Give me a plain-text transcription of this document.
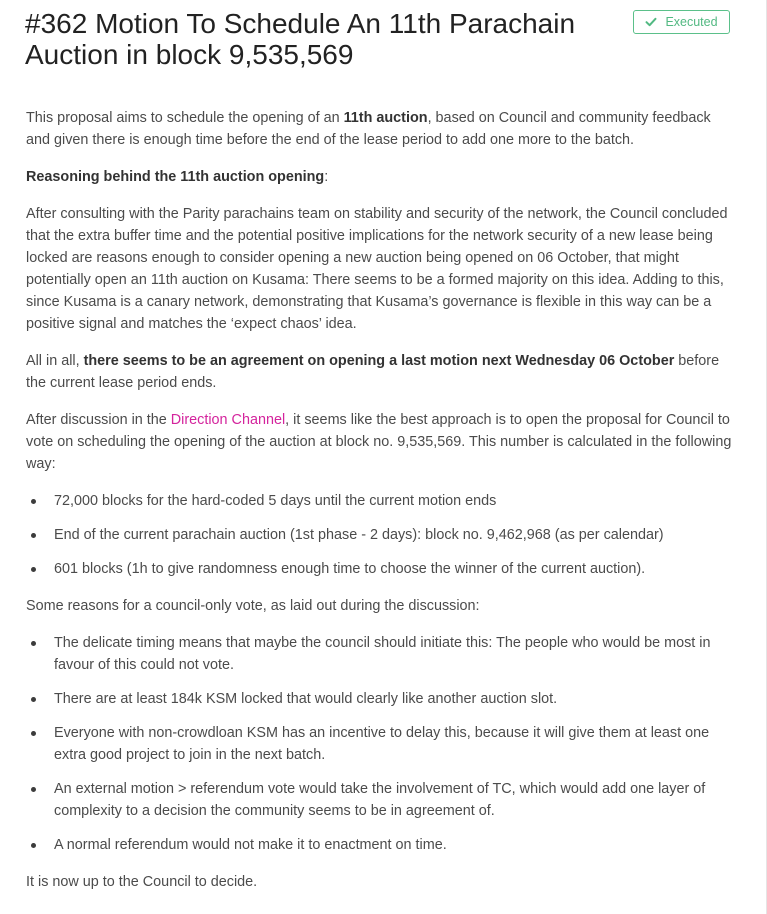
#362 Motion To Schedule An 11th Parachain Auction in block 9,535,569
Executed

This proposal aims to schedule the opening of an 11th auction, based on Council and community feedback and given there is enough time before the end of the lease period to add one more to the batch.

Reasoning behind the 11th auction opening:

After consulting with the Parity parachains team on stability and security of the network, the Council concluded that the extra buffer time and the potential positive implications for the network security of a new lease being locked are reasons enough to consider opening a new auction being opened on 06 October, that might potentially open an 11th auction on Kusama: There seems to be a formed majority on this idea. Adding to this, since Kusama is a canary network, demonstrating that Kusama’s governance is flexible in this way can be a positive signal and matches the ‘expect chaos’ idea.

All in all, there seems to be an agreement on opening a last motion next Wednesday 06 October before the current lease period ends.

After discussion in the Direction Channel, it seems like the best approach is to open the proposal for Council to vote on scheduling the opening of the auction at block no. 9,535,569. This number is calculated in the following way:

72,000 blocks for the hard-coded 5 days until the current motion ends
End of the current parachain auction (1st phase - 2 days): block no. 9,462,968 (as per calendar)
601 blocks (1h to give randomness enough time to choose the winner of the current auction).

Some reasons for a council-only vote, as laid out during the discussion:

The delicate timing means that maybe the council should initiate this: The people who would be most in favour of this could not vote.
There are at least 184k KSM locked that would clearly like another auction slot.
Everyone with non-crowdloan KSM has an incentive to delay this, because it will give them at least one extra good project to join in the next batch.
An external motion > referendum vote would take the involvement of TC, which would add one layer of complexity to a decision the community seems to be in agreement of.
A normal referendum would not make it to enactment on time.

It is now up to the Council to decide.
